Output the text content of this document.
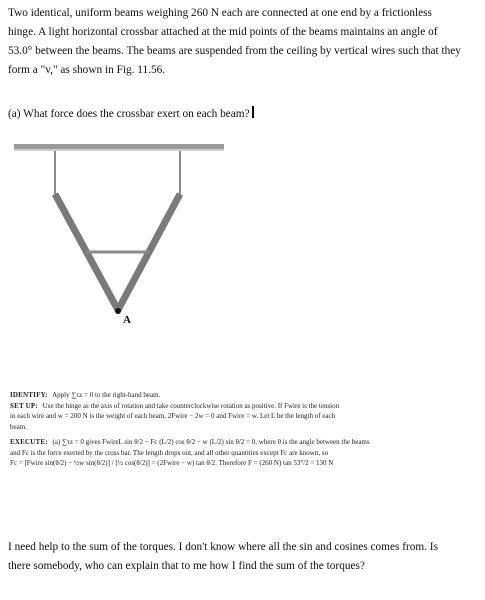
Two identical, uniform beams weighing 260 N each are connected at one end by a frictionless
hinge. A light horizontal crossbar attached at the mid points of the beams maintains an angle of
53.0° between the beams. The beams are suspended from the ceiling by vertical wires such that they
form a "v," as shown in Fig. 11.56.
(a) What force does the crossbar exert on each beam?
A
IDENTIFY: Apply ∑τz = 0 to the right-hand beam.
SET UP: Use the hinge as the axis of rotation and take counterclockwise rotation as positive. If Fwire is the tension
in each wire and w = 200 N is the weight of each beam, 2Fwire − 2w = 0 and Fwire = w. Let L be the length of each
beam.
EXECUTE: (a) ∑τz = 0 gives FwireL sin θ/2 − Fc (L/2) cos θ/2 − w (L/2) sin θ/2 = 0, where θ is the angle between the beams
and Fc is the force exerted by the cross bar. The length drops out, and all other quantities except Fc are known, so
Fc = [Fwire sin(θ/2) − ½w sin(θ/2)] / [½ cos(θ/2)] = (2Fwire − w) tan θ/2. Therefore F = (260 N) tan 53°/2 = 130 N
I need help to the sum of the torques. I don't know where all the sin and cosines comes from. Is
there somebody, who can explain that to me how I find the sum of the torques?
